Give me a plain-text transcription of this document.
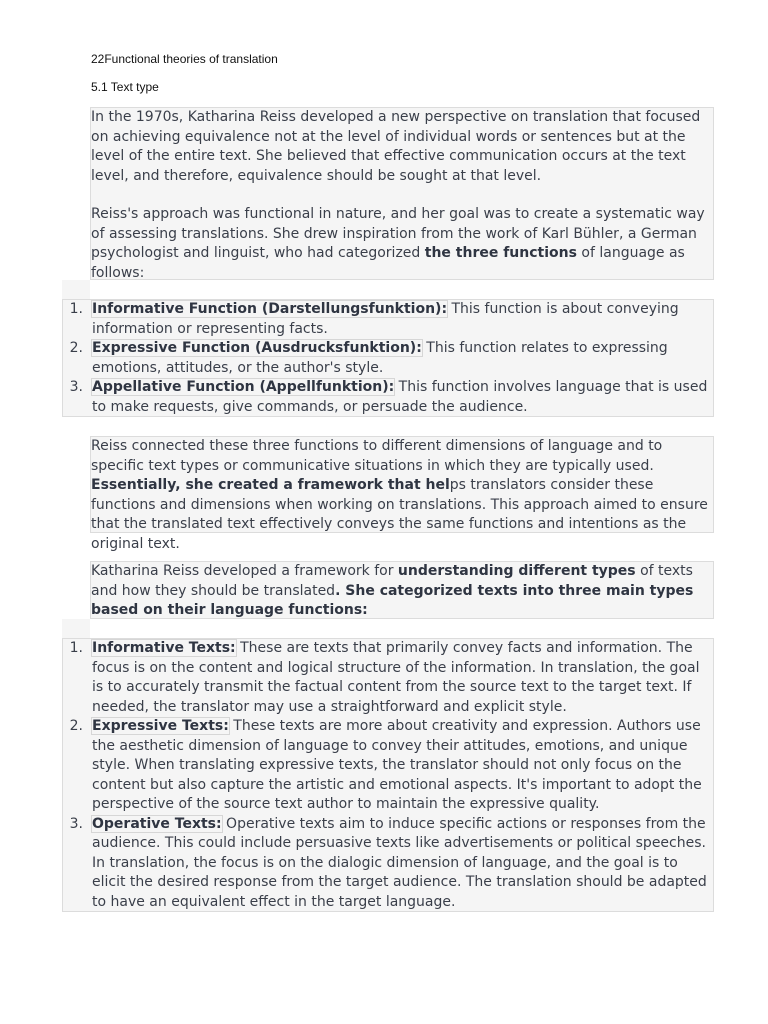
22Functional theories of translation
5.1 Text type

In the 1970s, Katharina Reiss developed a new perspective on translation that focused on achieving equivalence not at the level of individual words or sentences but at the level of the entire text. She believed that effective communication occurs at the text level, and therefore, equivalence should be sought at that level.

Reiss's approach was functional in nature, and her goal was to create a systematic way of assessing translations. She drew inspiration from the work of Karl Bühler, a German psychologist and linguist, who had categorized the three functions of language as follows:

1. Informative Function (Darstellungsfunktion): This function is about conveying information or representing facts.
2. Expressive Function (Ausdrucksfunktion): This function relates to expressing emotions, attitudes, or the author's style.
3. Appellative Function (Appellfunktion): This function involves language that is used to make requests, give commands, or persuade the audience.

Reiss connected these three functions to different dimensions of language and to specific text types or communicative situations in which they are typically used. Essentially, she created a framework that helps translators consider these functions and dimensions when working on translations. This approach aimed to ensure that the translated text effectively conveys the same functions and intentions as the original text.

Katharina Reiss developed a framework for understanding different types of texts and how they should be translated. She categorized texts into three main types based on their language functions:

1. Informative Texts: These are texts that primarily convey facts and information. The focus is on the content and logical structure of the information. In translation, the goal is to accurately transmit the factual content from the source text to the target text. If needed, the translator may use a straightforward and explicit style.
2. Expressive Texts: These texts are more about creativity and expression. Authors use the aesthetic dimension of language to convey their attitudes, emotions, and unique style. When translating expressive texts, the translator should not only focus on the content but also capture the artistic and emotional aspects. It's important to adopt the perspective of the source text author to maintain the expressive quality.
3. Operative Texts: Operative texts aim to induce specific actions or responses from the audience. This could include persuasive texts like advertisements or political speeches. In translation, the focus is on the dialogic dimension of language, and the goal is to elicit the desired response from the target audience. The translation should be adapted to have an equivalent effect in the target language.
